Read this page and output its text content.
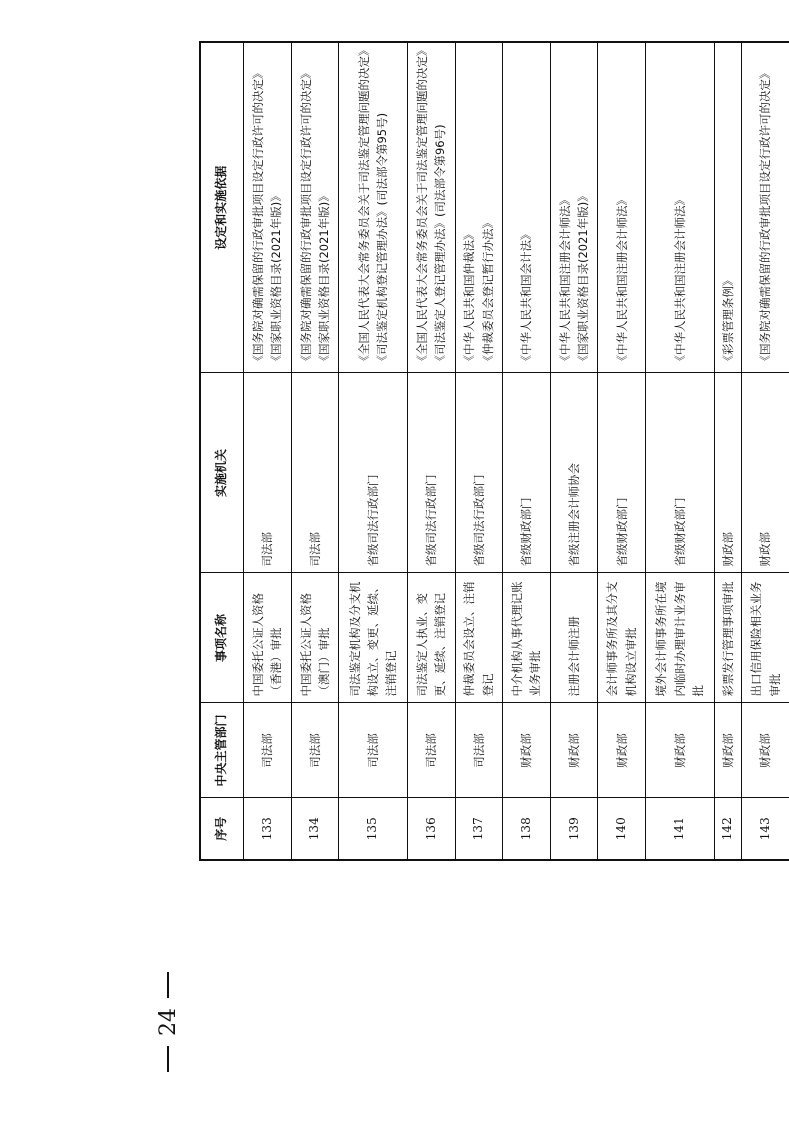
24
序号	中央主管部门	事项名称	实施机关	设定和实施依据
133	司法部	中国委托公证人资格（香港）审批	司法部	《国务院对确需保留的行政审批项目设定行政许可的决定》 《国家职业资格目录(2021年版)》

134	司法部	中国委托公证人资格（澳门）审批	司法部	《国务院对确需保留的行政审批项目设定行政许可的决定》 《国家职业资格目录(2021年版)》

135	司法部	司法鉴定机构及分支机构设立、变更、延续、注销登记	省级司法行政部门	《全国人民代表大会常务委员会关于司法鉴定管理问题的决定》 《司法鉴定机构登记管理办法》(司法部令第95号)

136	司法部	司法鉴定人执业、变更、延续、注销登记	省级司法行政部门	《全国人民代表大会常务委员会关于司法鉴定管理问题的决定》 《司法鉴定人登记管理办法》(司法部令第96号)

137	司法部	仲裁委员会设立、注销登记	省级司法行政部门	《中华人民共和国仲裁法》 《仲裁委员会登记暂行办法》

138	财政部	中介机构从事代理记账业务审批	省级财政部门	《中华人民共和国会计法》

139	财政部	注册会计师注册	省级注册会计师协会	《中华人民共和国注册会计师法》 《国家职业资格目录(2021年版)》

140	财政部	会计师事务所及其分支机构设立审批	省级财政部门	《中华人民共和国注册会计师法》

141	财政部	境外会计师事务所在境内临时办理审计业务审批	省级财政部门	《中华人民共和国注册会计师法》

142	财政部	彩票发行管理事项审批	财政部	《彩票管理条例》

143	财政部	出口信用保险相关业务审批	财政部	《国务院对确需保留的行政审批项目设定行政许可的决定》
